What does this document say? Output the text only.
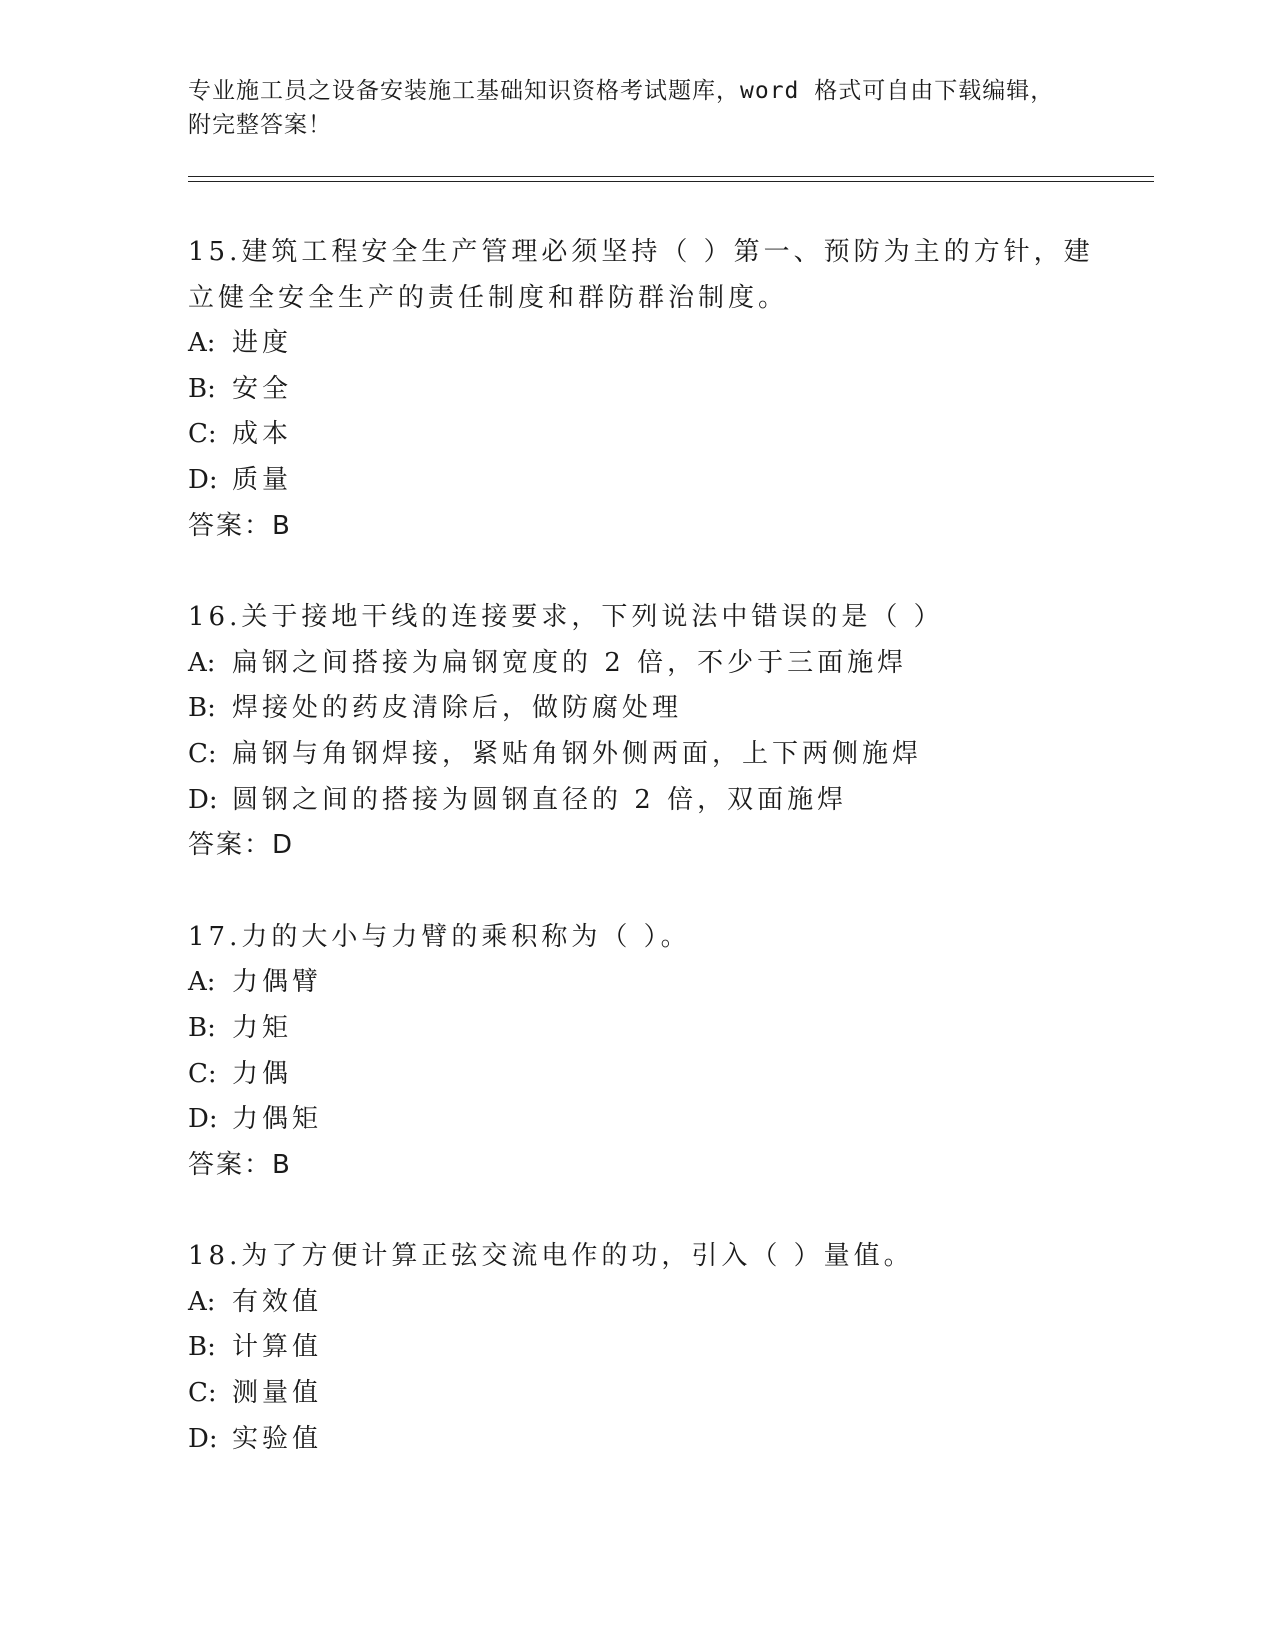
专业施工员之设备安装施工基础知识资格考试题库，word 格式可自由下载编辑，
附完整答案！
15.建筑工程安全生产管理必须坚持（ ）第一、预防为主的方针，建
立健全安全生产的责任制度和群防群治制度。
A: 进度
B: 安全
C: 成本
D: 质量
答案：B
16.关于接地干线的连接要求，下列说法中错误的是（ ）
A: 扁钢之间搭接为扁钢宽度的 2 倍，不少于三面施焊
B: 焊接处的药皮清除后，做防腐处理
C: 扁钢与角钢焊接，紧贴角钢外侧两面，上下两侧施焊
D: 圆钢之间的搭接为圆钢直径的 2 倍，双面施焊
答案：D
17.力的大小与力臂的乘积称为（ ）。
A: 力偶臂
B: 力矩
C: 力偶
D: 力偶矩
答案：B
18.为了方便计算正弦交流电作的功，引入（ ）量值。
A: 有效值
B: 计算值
C: 测量值
D: 实验值
